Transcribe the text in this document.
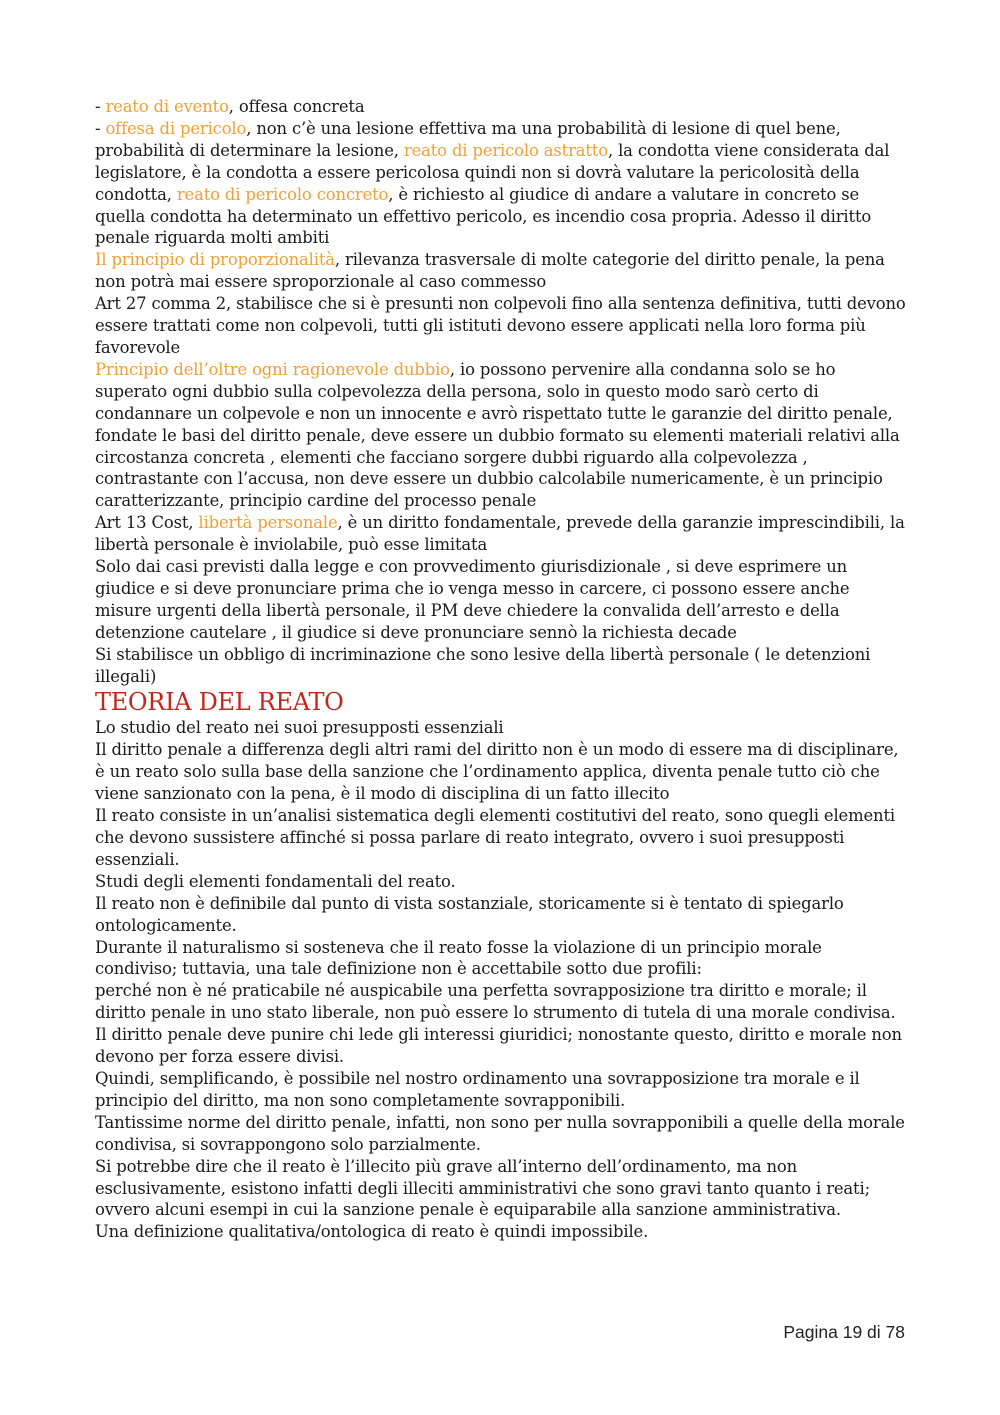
- reato di evento, offesa concreta

- offesa di pericolo, non c’è una lesione effettiva ma una probabilità di lesione di quel bene, probabilità di determinare la lesione, reato di pericolo astratto, la condotta viene considerata dal legislatore, è la condotta a essere pericolosa quindi non si dovrà valutare la pericolosità della condotta, reato di pericolo concreto, è richiesto al giudice di andare a valutare in concreto se quella condotta ha determinato un effettivo pericolo, es incendio cosa propria. Adesso il diritto penale riguarda molti ambiti

Il principio di proporzionalità, rilevanza trasversale di molte categorie del diritto penale, la pena non potrà mai essere sproporzionale al caso commesso

Art 27 comma 2, stabilisce che si è presunti non colpevoli fino alla sentenza definitiva, tutti devono essere trattati come non colpevoli, tutti gli istituti devono essere applicati nella loro forma più favorevole

Principio dell’oltre ogni ragionevole dubbio, io possono pervenire alla condanna solo se ho superato ogni dubbio sulla colpevolezza della persona, solo in questo modo sarò certo di condannare un colpevole e non un innocente e avrò rispettato tutte le garanzie del diritto penale, fondate le basi del diritto penale, deve essere un dubbio formato su elementi materiali relativi alla circostanza concreta , elementi che facciano sorgere dubbi riguardo alla colpevolezza , contrastante con l’accusa, non deve essere un dubbio calcolabile numericamente, è un principio caratterizzante, principio cardine del processo penale

Art 13 Cost, libertà personale, è un diritto fondamentale, prevede della garanzie imprescindibili, la libertà personale è inviolabile, può esse limitata

Solo dai casi previsti dalla legge e con provvedimento giurisdizionale , si deve esprimere un giudice e si deve pronunciare prima che io venga messo in carcere, ci possono essere anche misure urgenti della libertà personale, il PM deve chiedere la convalida dell’arresto e della detenzione cautelare , il giudice si deve pronunciare sennò la richiesta decade

Si stabilisce un obbligo di incriminazione che sono lesive della libertà personale ( le detenzioni illegali)

TEORIA DEL REATO

Lo studio del reato nei suoi presupposti essenziali

Il diritto penale a differenza degli altri rami del diritto non è un modo di essere ma di disciplinare, è un reato solo sulla base della sanzione che l’ordinamento applica, diventa penale tutto ciò che viene sanzionato con la pena, è il modo di disciplina di un fatto illecito

Il reato consiste in un’analisi sistematica degli elementi costitutivi del reato, sono quegli elementi che devono sussistere affinché si possa parlare di reato integrato, ovvero i suoi presupposti essenziali.

Studi degli elementi fondamentali del reato.

Il reato non è definibile dal punto di vista sostanziale, storicamente si è tentato di spiegarlo ontologicamente.

Durante il naturalismo si sosteneva che il reato fosse la violazione di un principio morale condiviso; tuttavia, una tale definizione non è accettabile sotto due profili:

perché non è né praticabile né auspicabile una perfetta sovrapposizione tra diritto e morale; il diritto penale in uno stato liberale, non può essere lo strumento di tutela di una morale condivisa.

Il diritto penale deve punire chi lede gli interessi giuridici; nonostante questo, diritto e morale non devono per forza essere divisi.

Quindi, semplificando, è possibile nel nostro ordinamento una sovrapposizione tra morale e il principio del diritto, ma non sono completamente sovrapponibili.

Tantissime norme del diritto penale, infatti, non sono per nulla sovrapponibili a quelle della morale condivisa, si sovrappongono solo parzialmente.

Si potrebbe dire che il reato è l’illecito più grave all’interno dell’ordinamento, ma non esclusivamente, esistono infatti degli illeciti amministrativi che sono gravi tanto quanto i reati; ovvero alcuni esempi in cui la sanzione penale è equiparabile alla sanzione amministrativa.

Una definizione qualitativa/ontologica di reato è quindi impossibile.

Pagina 19 di 78
